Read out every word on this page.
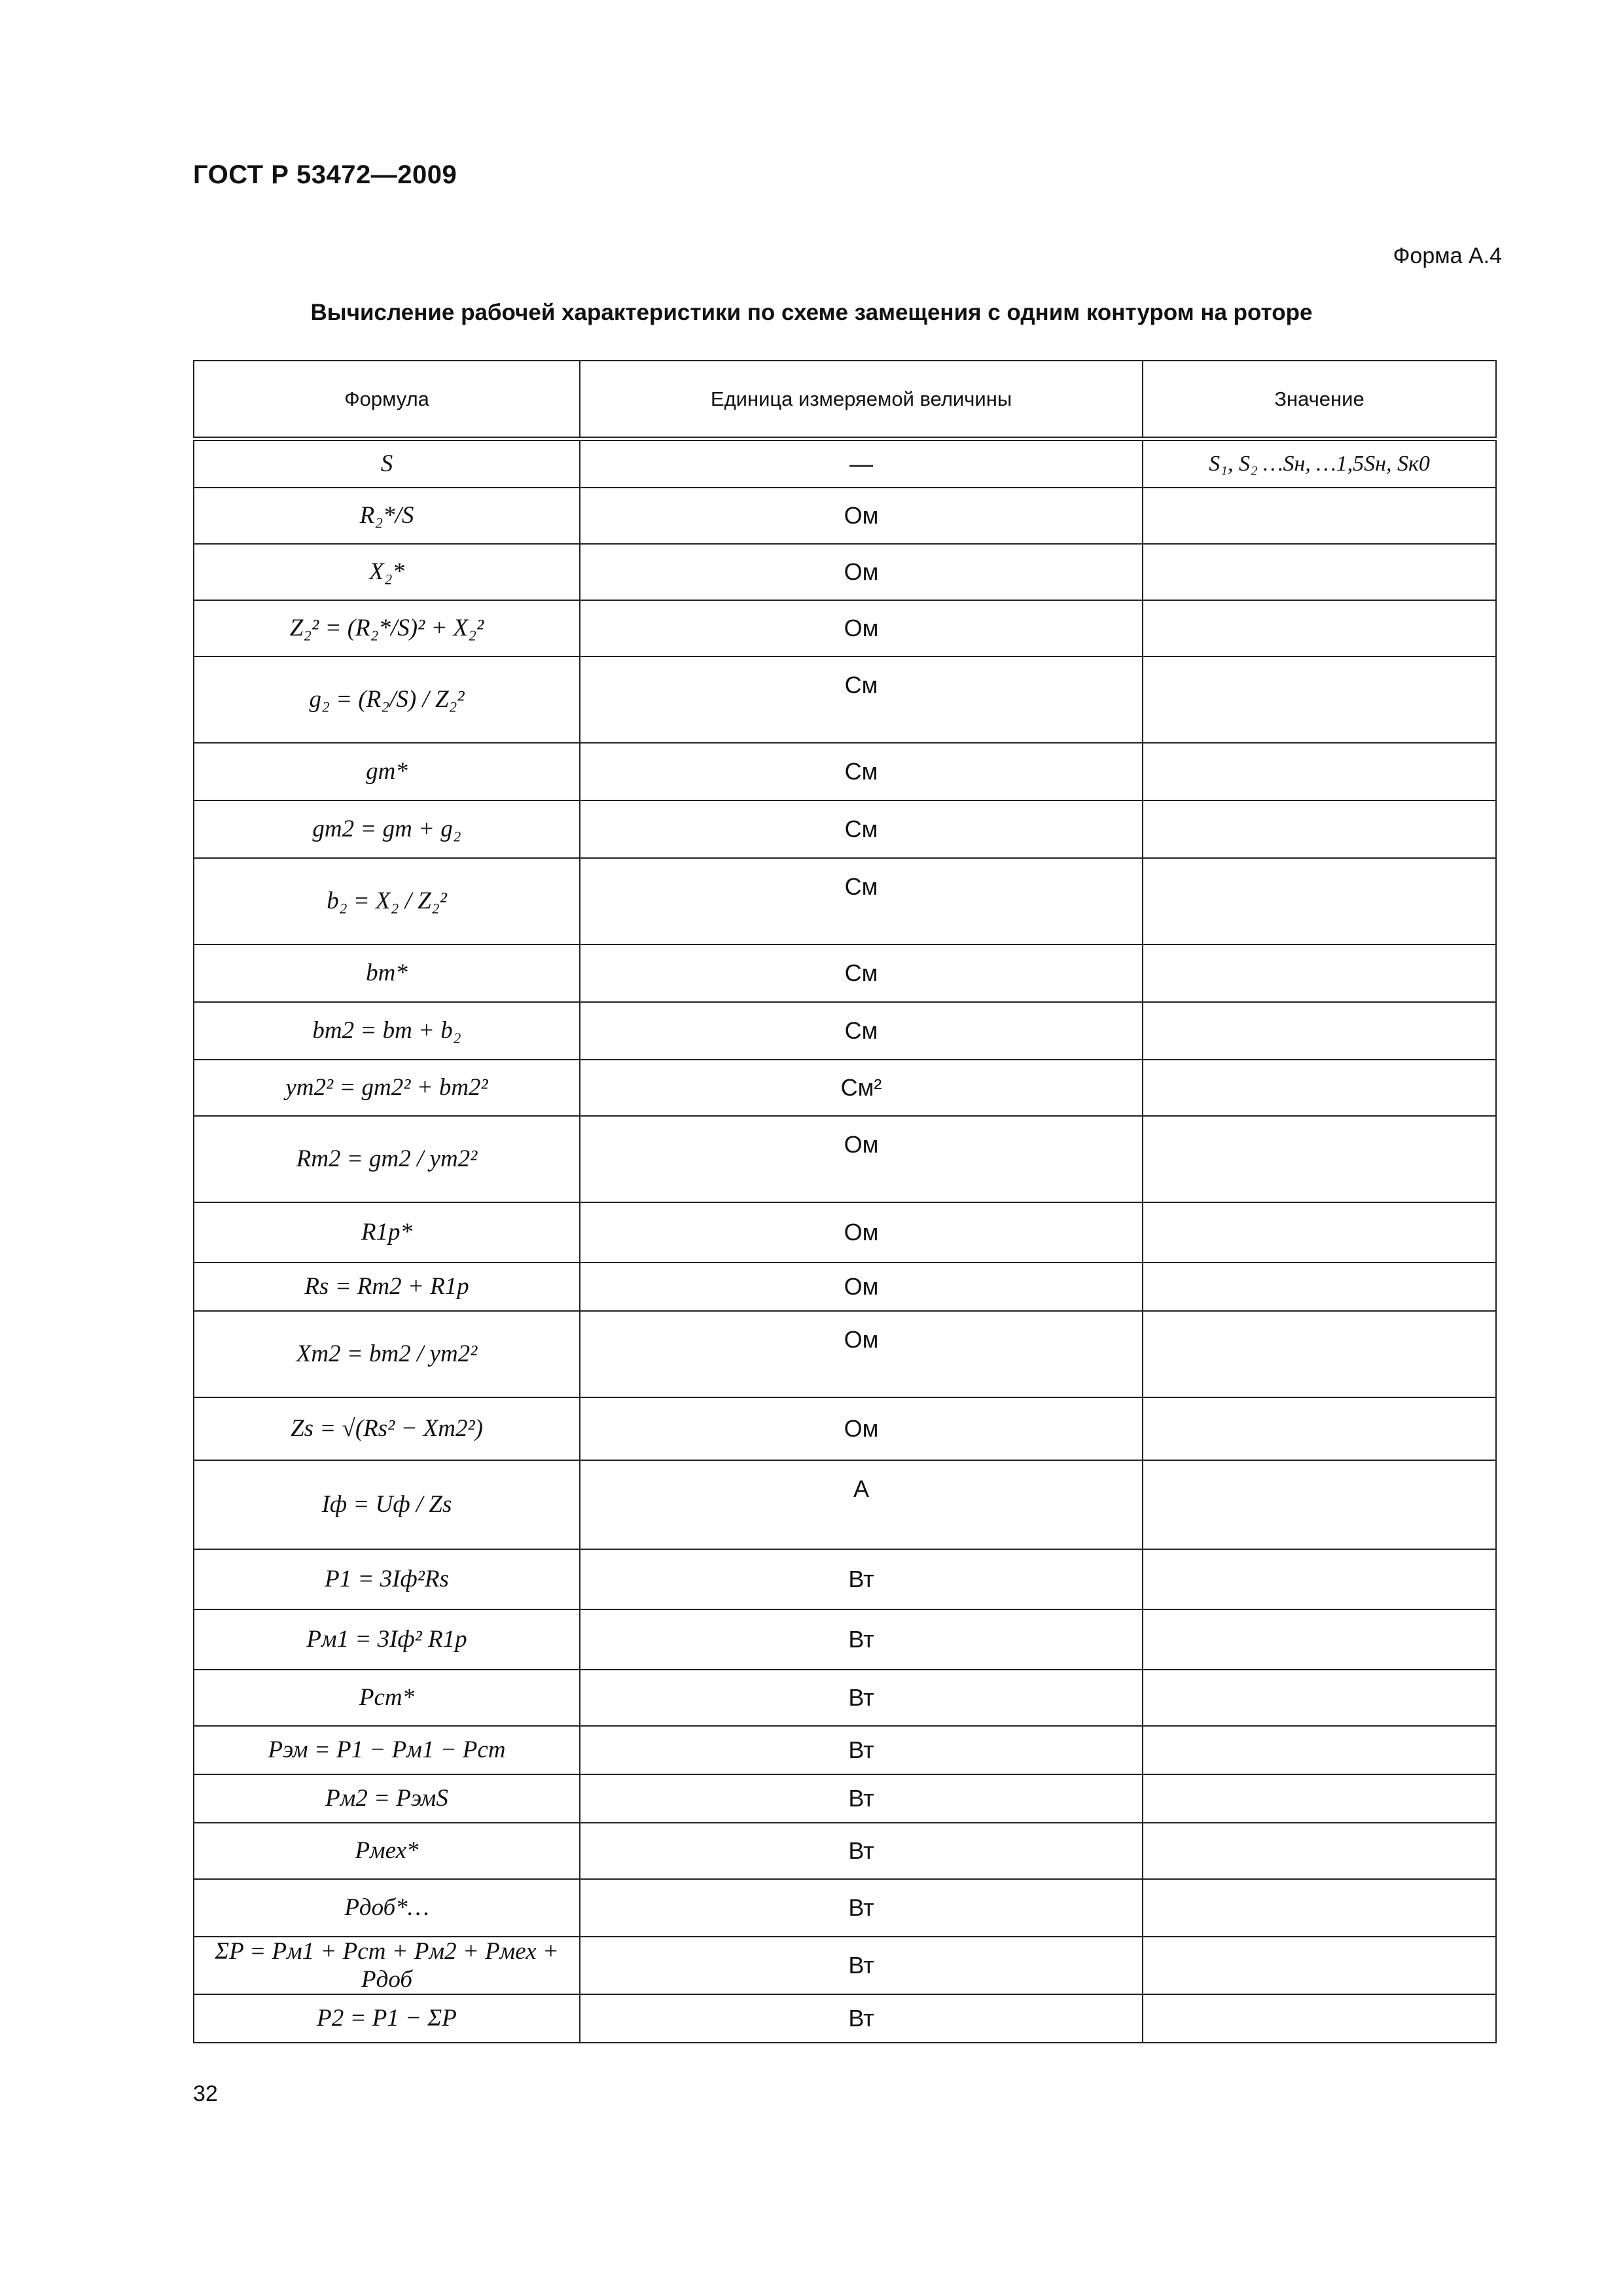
ГОСТ Р 53472—2009
Форма А.4
Вычисление рабочей характеристики по схеме замещения с одним контуром на роторе
Формула	Единица измеряемой величины	Значение
S	—	S₁, S₂ …Sн, …1,5Sн, Sк0
R₂*/S	Ом	
X₂*	Ом	
Z₂² = (R₂*/S)² + X₂²	Ом	
g₂ = (R₂/S) / Z₂²	См	
gm*	См	
gm2 = gm + g₂	См	
b₂ = X₂ / Z₂²	См	
bm*	См	
bm2 = bm + b₂	См	
ym2² = gm2² + bm2²	См²	
Rm2 = gm2 / ym2²	Ом	
R1р*	Ом	
Rs = Rm2 + R1p	Ом	
Xm2 = bm2 / ym2²	Ом	
Zs = √(Rs² − Xm2²)	Ом	
Iф = Uф / Zs	А	
P1 = 3Iф²Rs	Вт	
Pм1 = 3Iф² R1p	Вт	
Pcm*	Вт	
Pэм = P1 − Pм1 − Pcm	Вт	
Pм2 = PэмS	Вт	
Pмех*	Вт	
Pдоб*…	Вт	
ΣP = Pм1 + Pст + Pм2 + Pмех + Pдоб	Вт	
P2 = P1 − ΣP	Вт	
32
